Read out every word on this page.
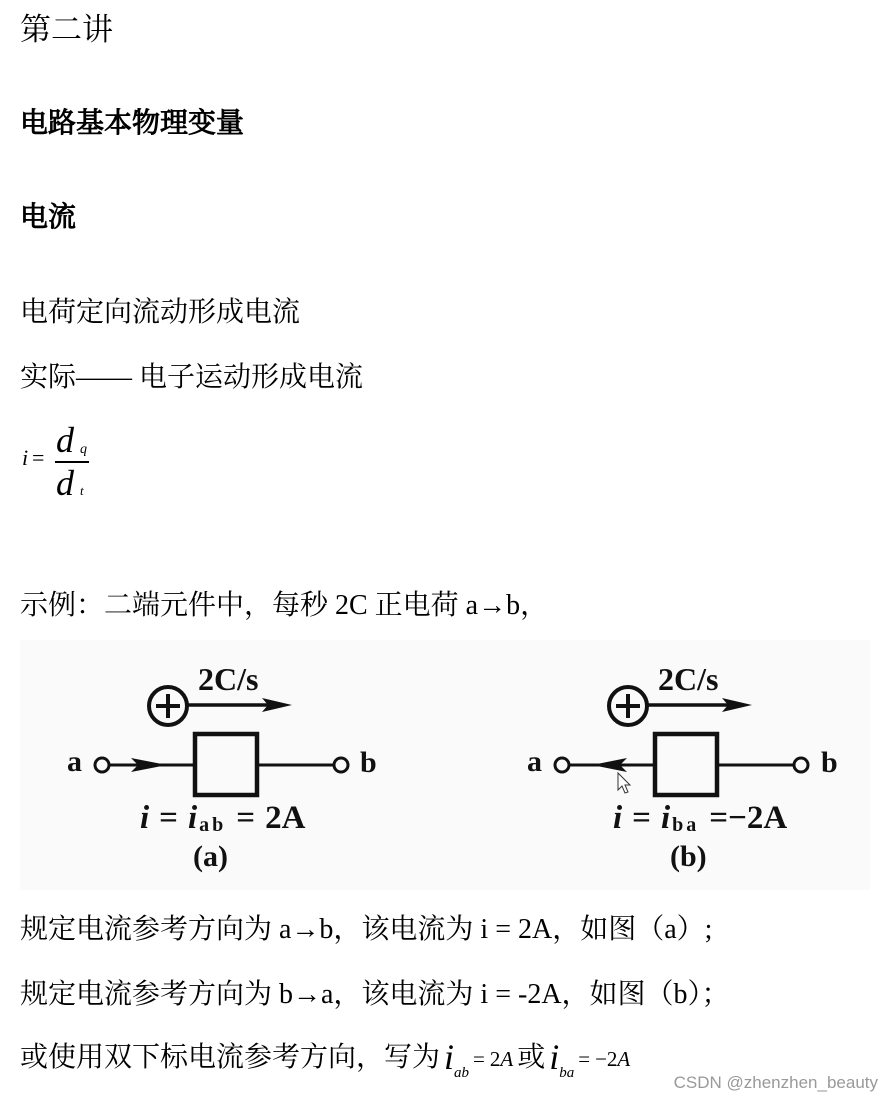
第二讲
电路基本物理变量
电流
电荷定向流动形成电流
实际—— 电子运动形成电流
i = d q
d t
示例：二端元件中，每秒 2C 正电荷 a→b，
2C/s
a	b
i = i ab = 2A
(a)
2C/s
a	b
i = i ba =−2A
(b)
规定电流参考方向为 a→b，该电流为 i = 2A，如图（a）;
规定电流参考方向为 b→a，该电流为 i = -2A，如图（b）；
或使用双下标电流参考方向，写为 $i_{ab}= 2A$ 或 $i_{ba}= -2A$
CSDN @zhenzhen_beauty
